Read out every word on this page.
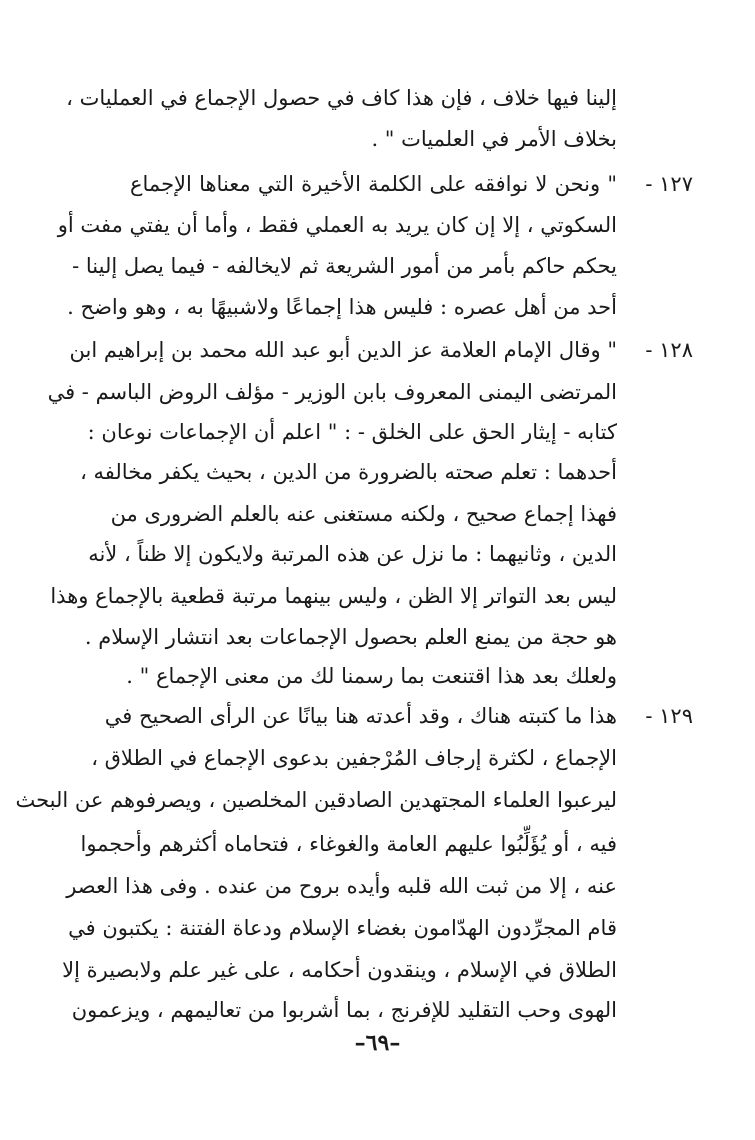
إلينا فيها خلاف ، فإن هذا كاف في حصول الإجماع في العمليات ،
بخلاف الأمر في العلميات " .
١٢٧ -
" ونحن لا نوافقه على الكلمة الأخيرة التي معناها الإجماع
السكوتي ، إلا إن كان يريد به العملي فقط ، وأما أن يفتي مفت أو
يحكم حاكم بأمر من أمور الشريعة ثم لايخالفه - فيما يصل إلينا -
أحد من أهل عصره : فليس هذا إجماعًا ولاشبيهًا به ، وهو واضح .
١٢٨ -
" وقال الإمام العلامة عز الدين أبو عبد الله محمد بن إبراهيم ابن
المرتضى اليمنى المعروف بابن الوزير - مؤلف الروض الباسم - في
كتابه - إيثار الحق على الخلق - : " اعلم أن الإجماعات نوعان :
أحدهما : تعلم صحته بالضرورة من الدين ، بحيث يكفر مخالفه ،
فهذا إجماع صحيح ، ولكنه مستغنى عنه بالعلم الضرورى من
الدين ، وثانيهما : ما نزل عن هذه المرتبة ولايكون إلا ظناً ، لأنه
ليس بعد التواتر إلا الظن ، وليس بينهما مرتبة قطعية بالإجماع وهذا
هو حجة من يمنع العلم بحصول الإجماعات بعد انتشار الإسلام .
ولعلك بعد هذا اقتنعت بما رسمنا لك من معنى الإجماع " .
١٢٩ -
هذا ما كتبته هناك ، وقد أعدته هنا بيانًا عن الرأى الصحيح في
الإجماع ، لكثرة إرجاف المُرْجفين بدعوى الإجماع في الطلاق ،
ليرعبوا العلماء المجتهدين الصادقين المخلصين ، ويصرفوهم عن البحث
فيه ، أو يُؤَلِّبُوا عليهم العامة والغوغاء ، فتحاماه أكثرهم وأحجموا
عنه ، إلا من ثبت الله قلبه وأيده بروح من عنده . وفى هذا العصر
قام المجرِّدون الهدّامون بغضاء الإسلام ودعاة الفتنة : يكتبون في
الطلاق في الإسلام ، وينقدون أحكامه ، على غير علم ولابصيرة إلا
الهوى وحب التقليد للإفرنج ، بما أشربوا من تعاليمهم ، ويزعمون
–٦٩–
